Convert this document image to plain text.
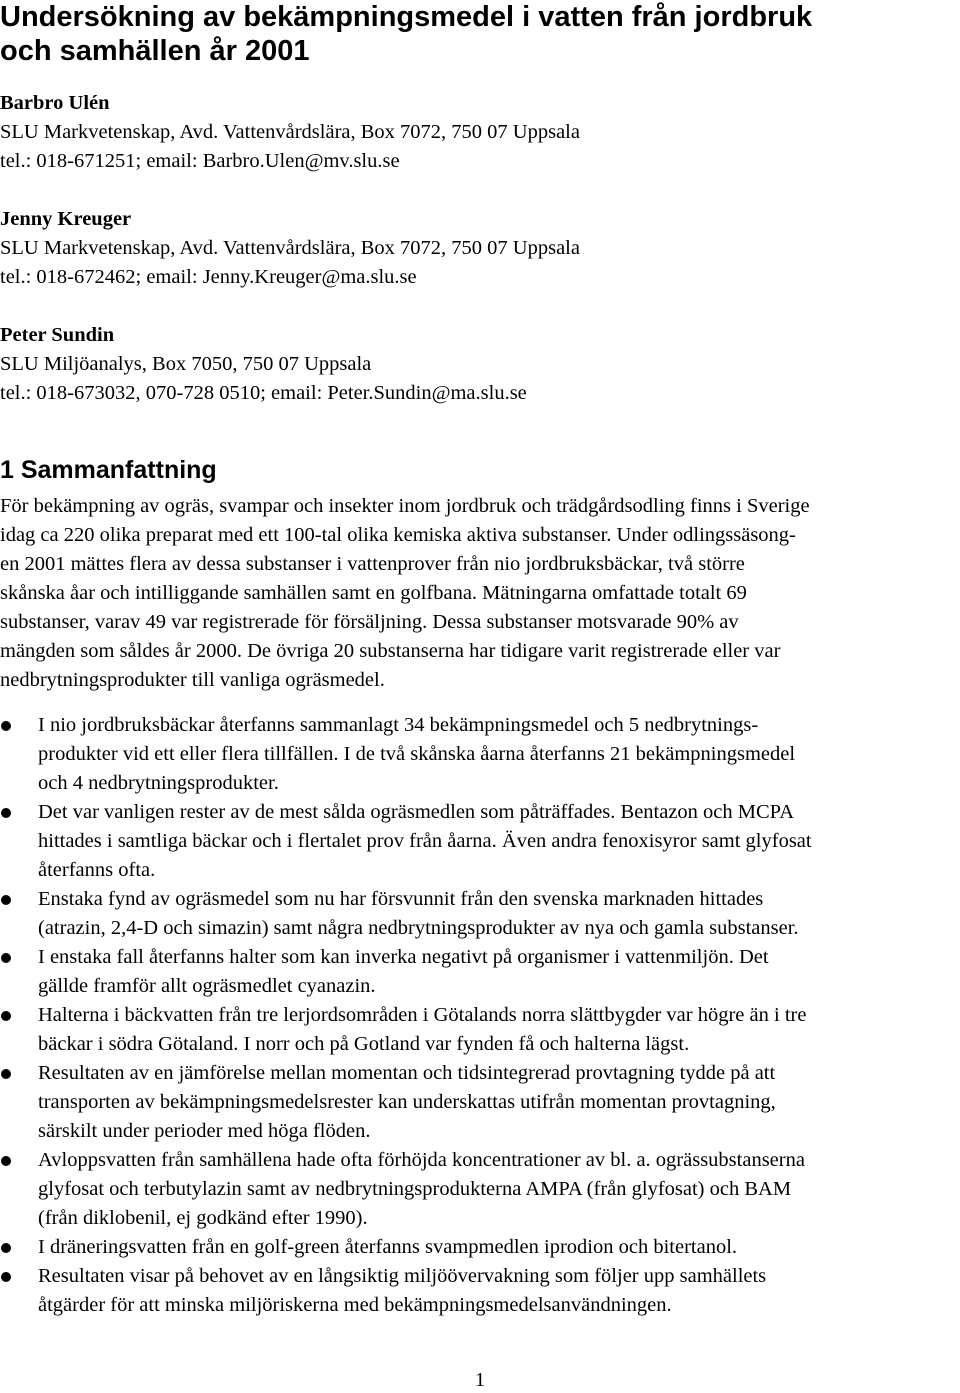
Undersökning av bekämpningsmedel i vatten från jordbruk
och samhällen år 2001
Barbro Ulén
SLU Markvetenskap, Avd. Vattenvårdslära, Box 7072, 750 07 Uppsala
tel.: 018-671251; email: Barbro.Ulen@mv.slu.se
Jenny Kreuger
SLU Markvetenskap, Avd. Vattenvårdslära, Box 7072, 750 07 Uppsala
tel.: 018-672462; email: Jenny.Kreuger@ma.slu.se
Peter Sundin
SLU Miljöanalys, Box 7050, 750 07 Uppsala
tel.: 018-673032, 070-728 0510; email: Peter.Sundin@ma.slu.se
1 Sammanfattning

För bekämpning av ogräs, svampar och insekter inom jordbruk och trädgårdsodling finns i Sverige
idag ca 220 olika preparat med ett 100-tal olika kemiska aktiva substanser. Under odlingssäsong-
en 2001 mättes flera av dessa substanser i vattenprover från nio jordbruksbäckar, två större
skånska åar och intilliggande samhällen samt en golfbana. Mätningarna omfattade totalt 69
substanser, varav 49 var registrerade för försäljning. Dessa substanser motsvarade 90% av
mängden som såldes år 2000. De övriga 20 substanserna har tidigare varit registrerade eller var
nedbrytningsprodukter till vanliga ogräsmedel.

I nio jordbruksbäckar återfanns sammanlagt 34 bekämpningsmedel och 5 nedbrytnings-
produkter vid ett eller flera tillfällen. I de två skånska åarna återfanns 21 bekämpningsmedel
och 4 nedbrytningsprodukter.
Det var vanligen rester av de mest sålda ogräsmedlen som påträffades. Bentazon och MCPA
hittades i samtliga bäckar och i flertalet prov från åarna. Även andra fenoxisyror samt glyfosat
återfanns ofta.
Enstaka fynd av ogräsmedel som nu har försvunnit från den svenska marknaden hittades
(atrazin, 2,4-D och simazin) samt några nedbrytningsprodukter av nya och gamla substanser.
I enstaka fall återfanns halter som kan inverka negativt på organismer i vattenmiljön. Det
gällde framför allt ogräsmedlet cyanazin.
Halterna i bäckvatten från tre lerjordsområden i Götalands norra slättbygder var högre än i tre
bäckar i södra Götaland. I norr och på Gotland var fynden få och halterna lägst.
Resultaten av en jämförelse mellan momentan och tidsintegrerad provtagning tydde på att
transporten av bekämpningsmedelsrester kan underskattas utifrån momentan provtagning,
särskilt under perioder med höga flöden.
Avloppsvatten från samhällena hade ofta förhöjda koncentrationer av bl. a. ogrässubstanserna
glyfosat och terbutylazin samt av nedbrytningsprodukterna AMPA (från glyfosat) och BAM
(från diklobenil, ej godkänd efter 1990).
I dräneringsvatten från en golf-green återfanns svampmedlen iprodion och bitertanol.
Resultaten visar på behovet av en långsiktig miljöövervakning som följer upp samhällets
åtgärder för att minska miljöriskerna med bekämpningsmedelsanvändningen.
1
